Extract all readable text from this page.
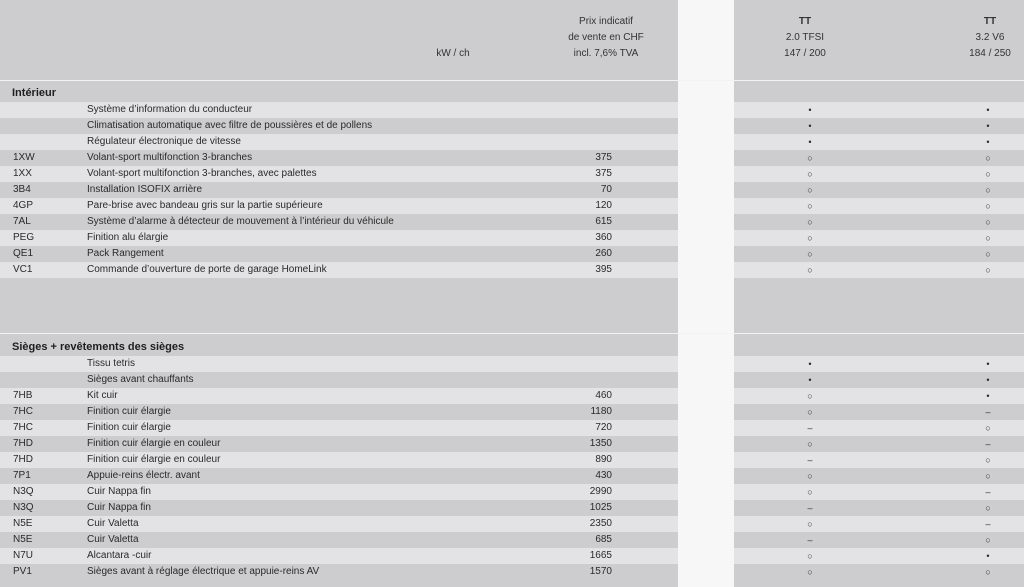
kW / ch
Prix indicatif
de vente en CHF
incl. 7,6% TVA
TT
2.0 TFSI
147 / 200
TT
3.2 V6
184 / 250
Intérieur
Système d’information du conducteur	•	•
Climatisation automatique avec filtre de poussières et de pollens	•	•
Régulateur électronique de vitesse	•	•
1XW	Volant-sport multifonction 3-branches	375	○	○
1XX	Volant-sport multifonction 3-branches, avec palettes	375	○	○
3B4	Installation ISOFIX arrière	70	○	○
4GP	Pare-brise avec bandeau gris sur la partie supérieure	120	○	○
7AL	Système d’alarme à détecteur de mouvement à l’intérieur du véhicule	615	○	○
PEG	Finition alu élargie	360	○	○
QE1	Pack Rangement	260	○	○
VC1	Commande d’ouverture de porte de garage HomeLink	395	○	○
Sièges + revêtements des sièges
Tissu tetris	•	•
Sièges avant chauffants	•	•
7HB	Kit cuir	460	○	•
7HC	Finition cuir élargie	1180	○	–
7HC	Finition cuir élargie	720	–	○
7HD	Finition cuir élargie en couleur	1350	○	–
7HD	Finition cuir élargie en couleur	890	–	○
7P1	Appuie-reins électr. avant	430	○	○
N3Q	Cuir Nappa fin	2990	○	–
N3Q	Cuir Nappa fin	1025	–	○
N5E	Cuir Valetta	2350	○	–
N5E	Cuir Valetta	685	–	○
N7U	Alcantara -cuir	1665	○	•
PV1	Sièges avant à réglage électrique et appuie-reins AV	1570	○	○
